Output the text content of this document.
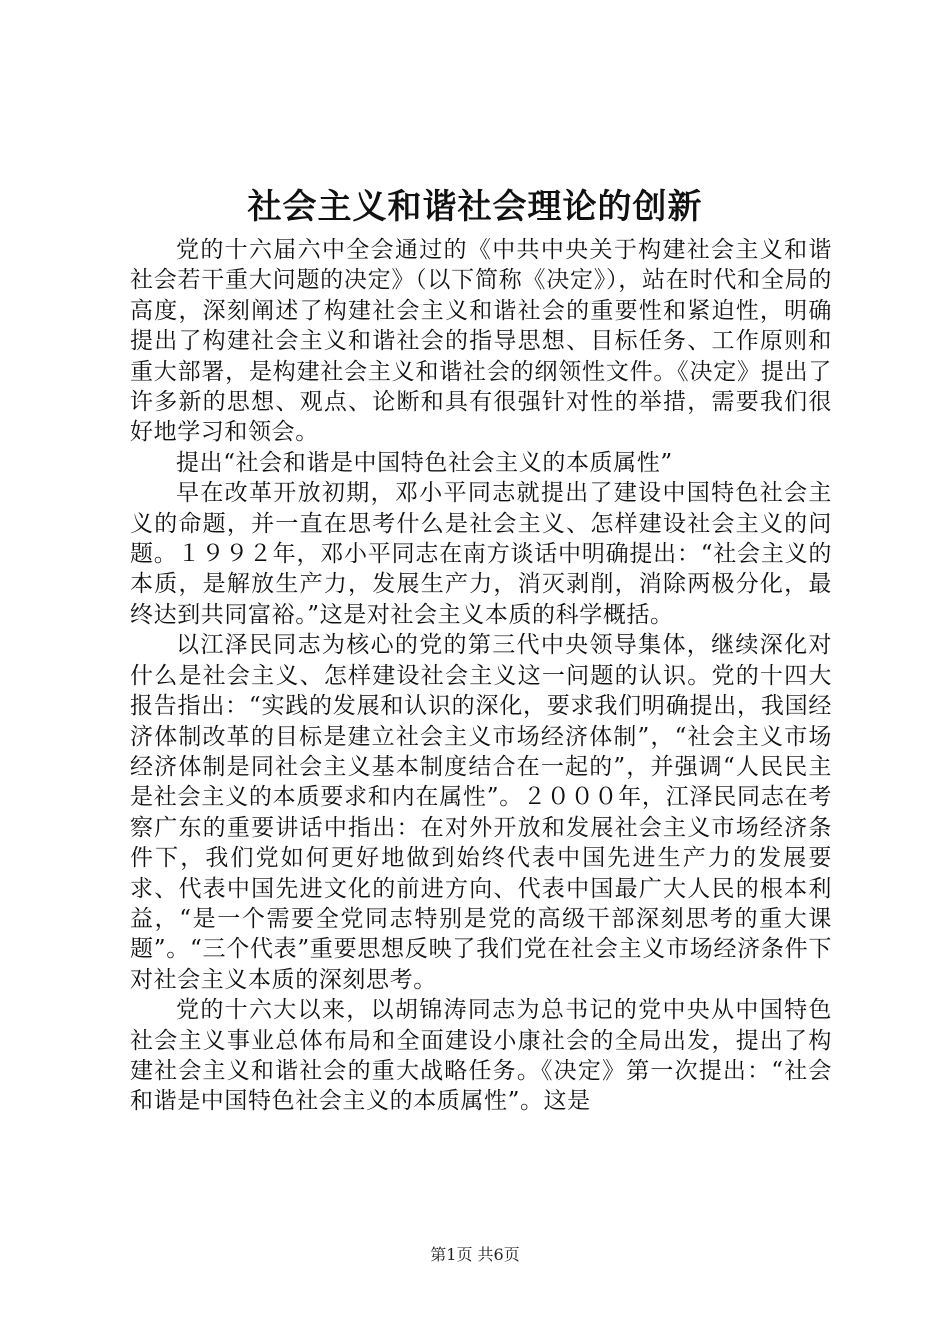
社会主义和谐社会理论的创新

党的十六届六中全会通过的《中共中央关于构建社会主义和谐社会若干重大问题的决定》（以下简称《决定》），站在时代和全局的高度，深刻阐述了构建社会主义和谐社会的重要性和紧迫性，明确提出了构建社会主义和谐社会的指导思想、目标任务、工作原则和重大部署，是构建社会主义和谐社会的纲领性文件。《决定》提出了许多新的思想、观点、论断和具有很强针对性的举措，需要我们很好地学习和领会。

提出“社会和谐是中国特色社会主义的本质属性”

早在改革开放初期，邓小平同志就提出了建设中国特色社会主义的命题，并一直在思考什么是社会主义、怎样建设社会主义的问题。１９９２年，邓小平同志在南方谈话中明确提出：“社会主义的本质，是解放生产力，发展生产力，消灭剥削，消除两极分化，最终达到共同富裕。”这是对社会主义本质的科学概括。

以江泽民同志为核心的党的第三代中央领导集体，继续深化对什么是社会主义、怎样建设社会主义这一问题的认识。党的十四大报告指出：“实践的发展和认识的深化，要求我们明确提出，我国经济体制改革的目标是建立社会主义市场经济体制”，“社会主义市场经济体制是同社会主义基本制度结合在一起的”，并强调“人民民主是社会主义的本质要求和内在属性”。２０００年，江泽民同志在考察广东的重要讲话中指出：在对外开放和发展社会主义市场经济条件下，我们党如何更好地做到始终代表中国先进生产力的发展要求、代表中国先进文化的前进方向、代表中国最广大人民的根本利益，“是一个需要全党同志特别是党的高级干部深刻思考的重大课题”。“三个代表”重要思想反映了我们党在社会主义市场经济条件下对社会主义本质的深刻思考。

党的十六大以来，以胡锦涛同志为总书记的党中央从中国特色社会主义事业总体布局和全面建设小康社会的全局出发，提出了构建社会主义和谐社会的重大战略任务。《决定》第一次提出：“社会和谐是中国特色社会主义的本质属性”。这是

第1页 共6页
